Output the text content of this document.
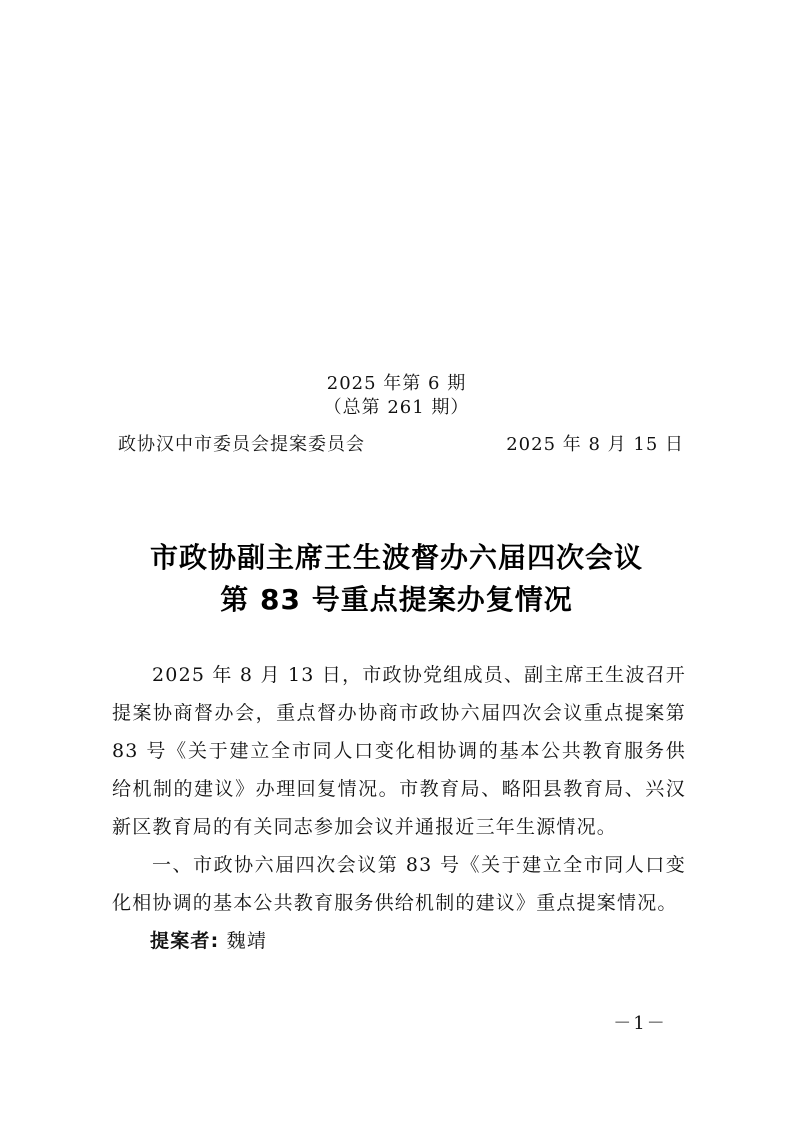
2025 年第 6 期
（总第 261 期）
政协汉中市委员会提案委员会	2025 年 8 月 15 日
市政协副主席王生波督办六届四次会议
第 83 号重点提案办复情况

2025 年 8 月 13 日，市政协党组成员、副主席王生波召开提案协商督办会，重点督办协商市政协六届四次会议重点提案第 83 号《关于建立全市同人口变化相协调的基本公共教育服务供给机制的建议》办理回复情况。市教育局、略阳县教育局、兴汉新区教育局的有关同志参加会议并通报近三年生源情况。

一、市政协六届四次会议第 83 号《关于建立全市同人口变化相协调的基本公共教育服务供给机制的建议》重点提案情况。

提案者: 魏靖
－1－
